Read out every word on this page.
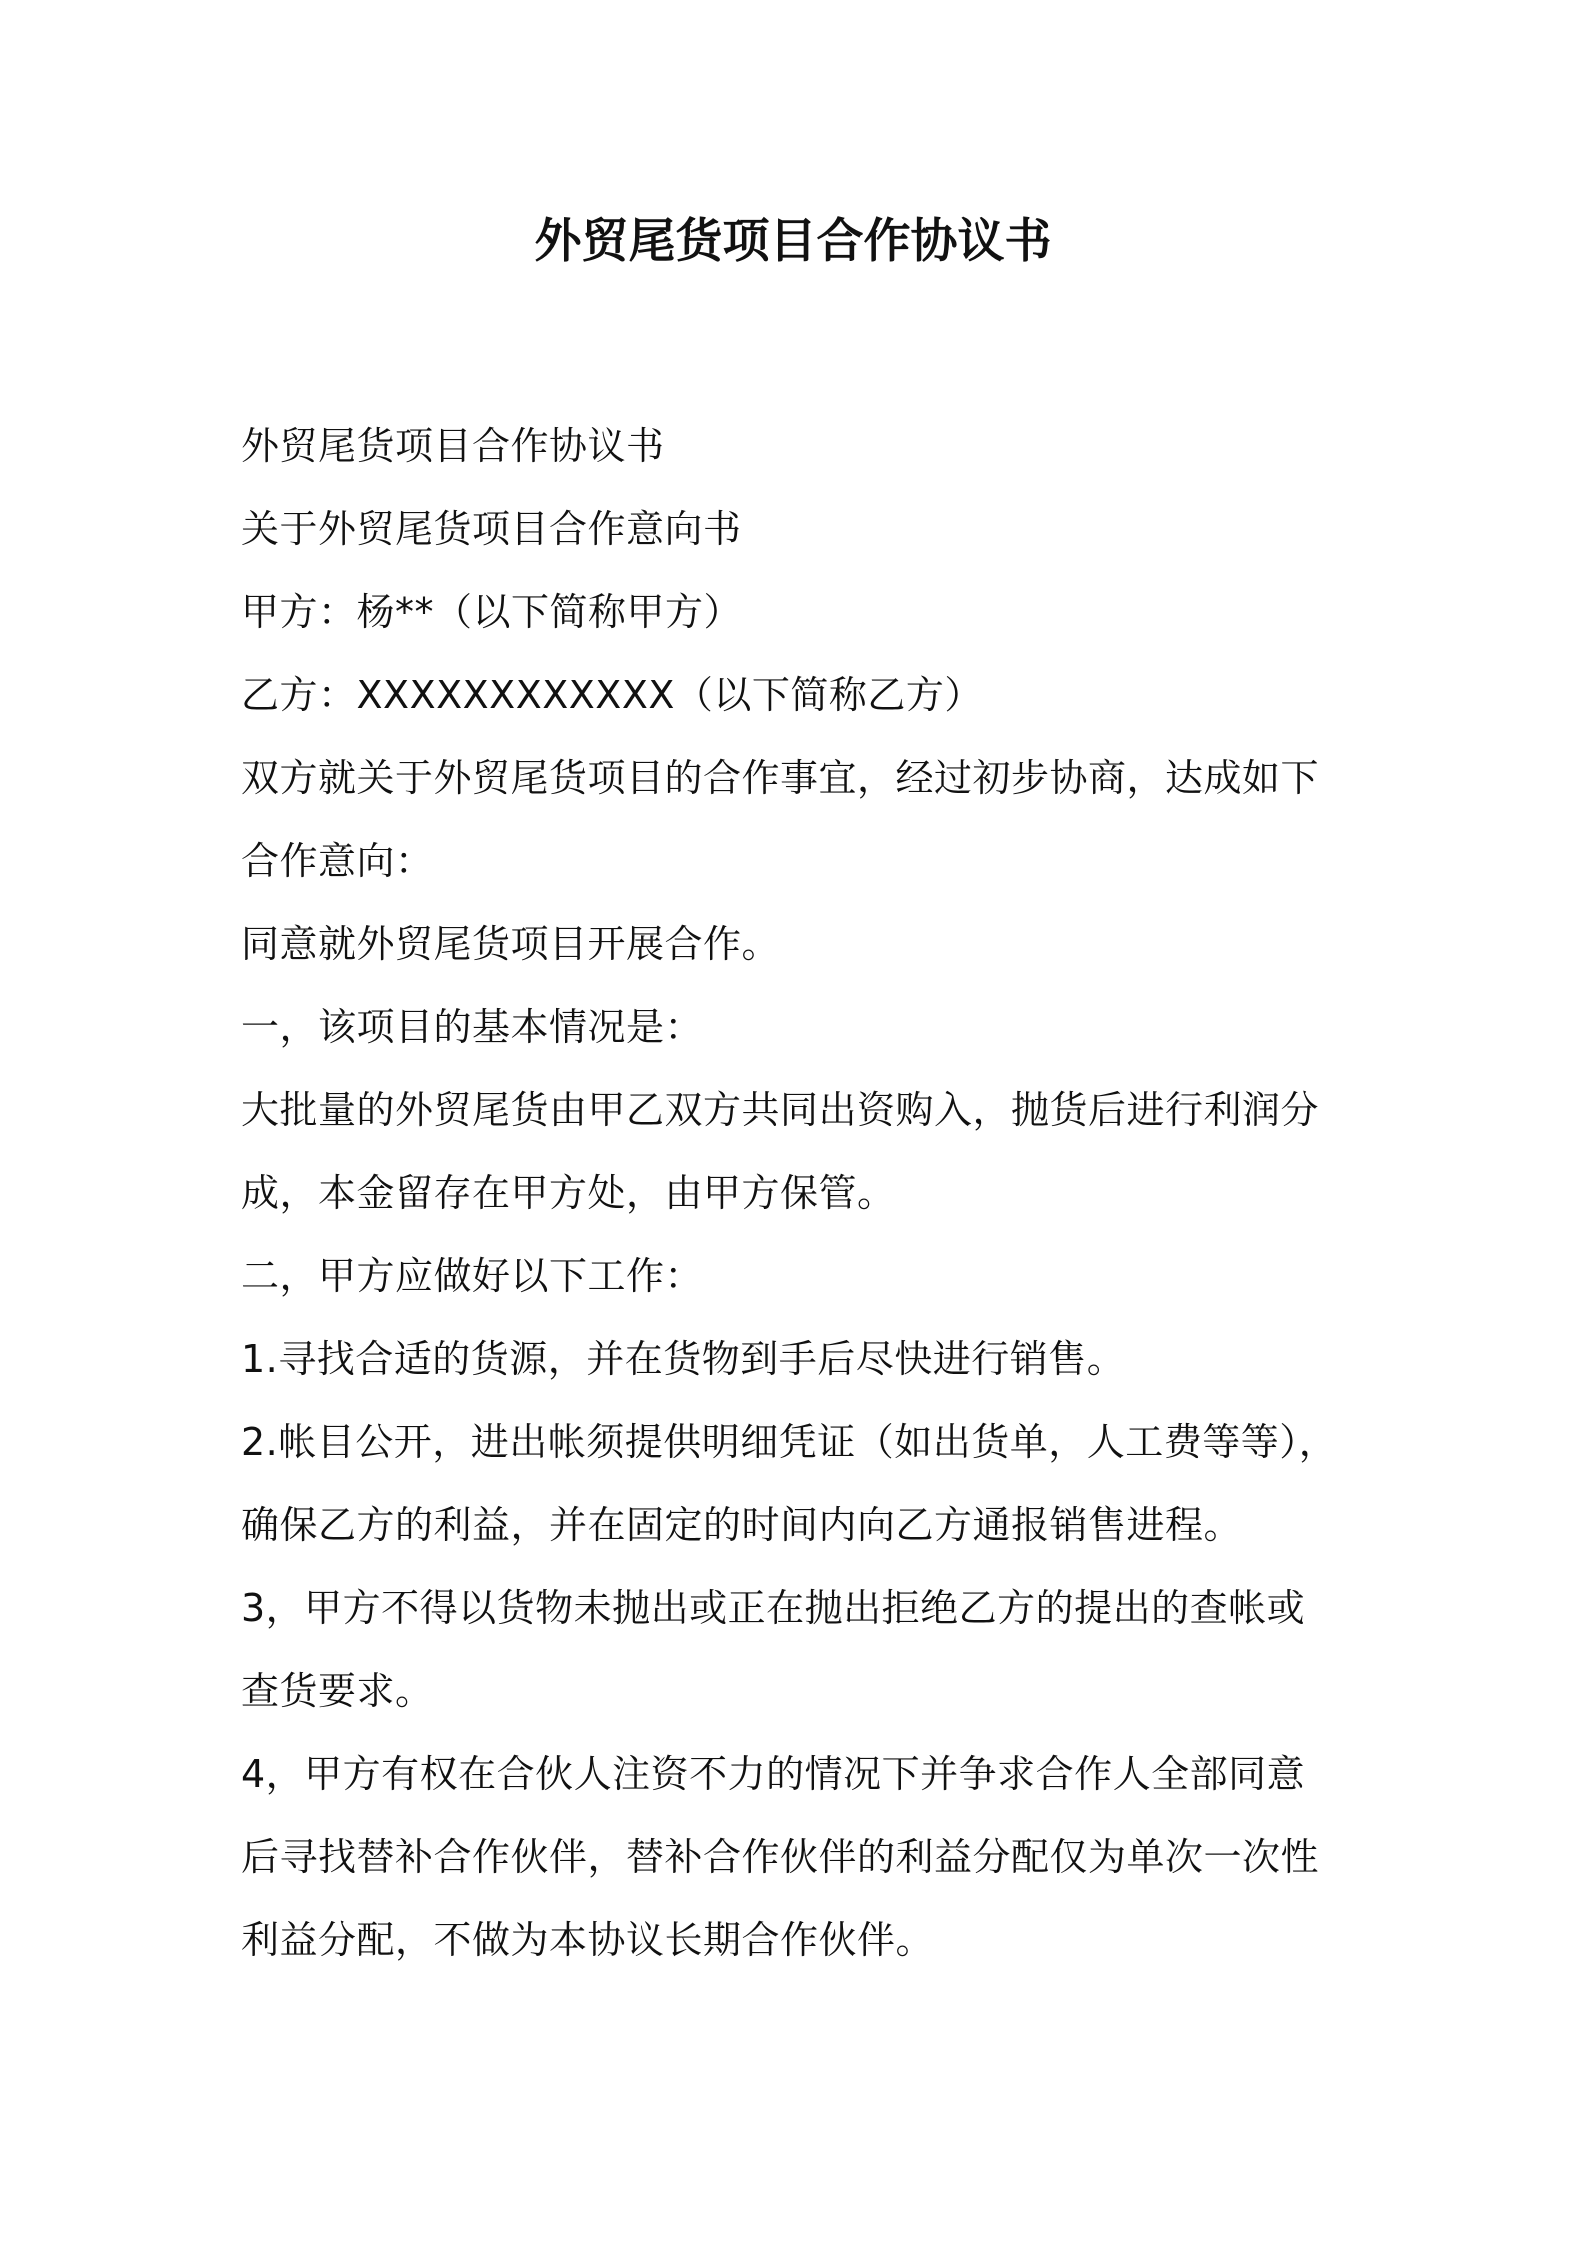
外贸尾货项目合作协议书

外贸尾货项目合作协议书

关于外贸尾货项目合作意向书

甲方：杨**（以下简称甲方）

乙方：XXXXXXXXXXXX（以下简称乙方）

双方就关于外贸尾货项目的合作事宜，经过初步协商，达成如下

合作意向：

同意就外贸尾货项目开展合作。

一，该项目的基本情况是：

大批量的外贸尾货由甲乙双方共同出资购入，抛货后进行利润分

成，本金留存在甲方处，由甲方保管。

二，甲方应做好以下工作：

1.寻找合适的货源，并在货物到手后尽快进行销售。

2.帐目公开，进出帐须提供明细凭证（如出货单，人工费等等），

确保乙方的利益，并在固定的时间内向乙方通报销售进程。

3，甲方不得以货物未抛出或正在抛出拒绝乙方的提出的查帐或

查货要求。

4，甲方有权在合伙人注资不力的情况下并争求合作人全部同意

后寻找替补合作伙伴，替补合作伙伴的利益分配仅为单次一次性

利益分配，不做为本协议长期合作伙伴。
